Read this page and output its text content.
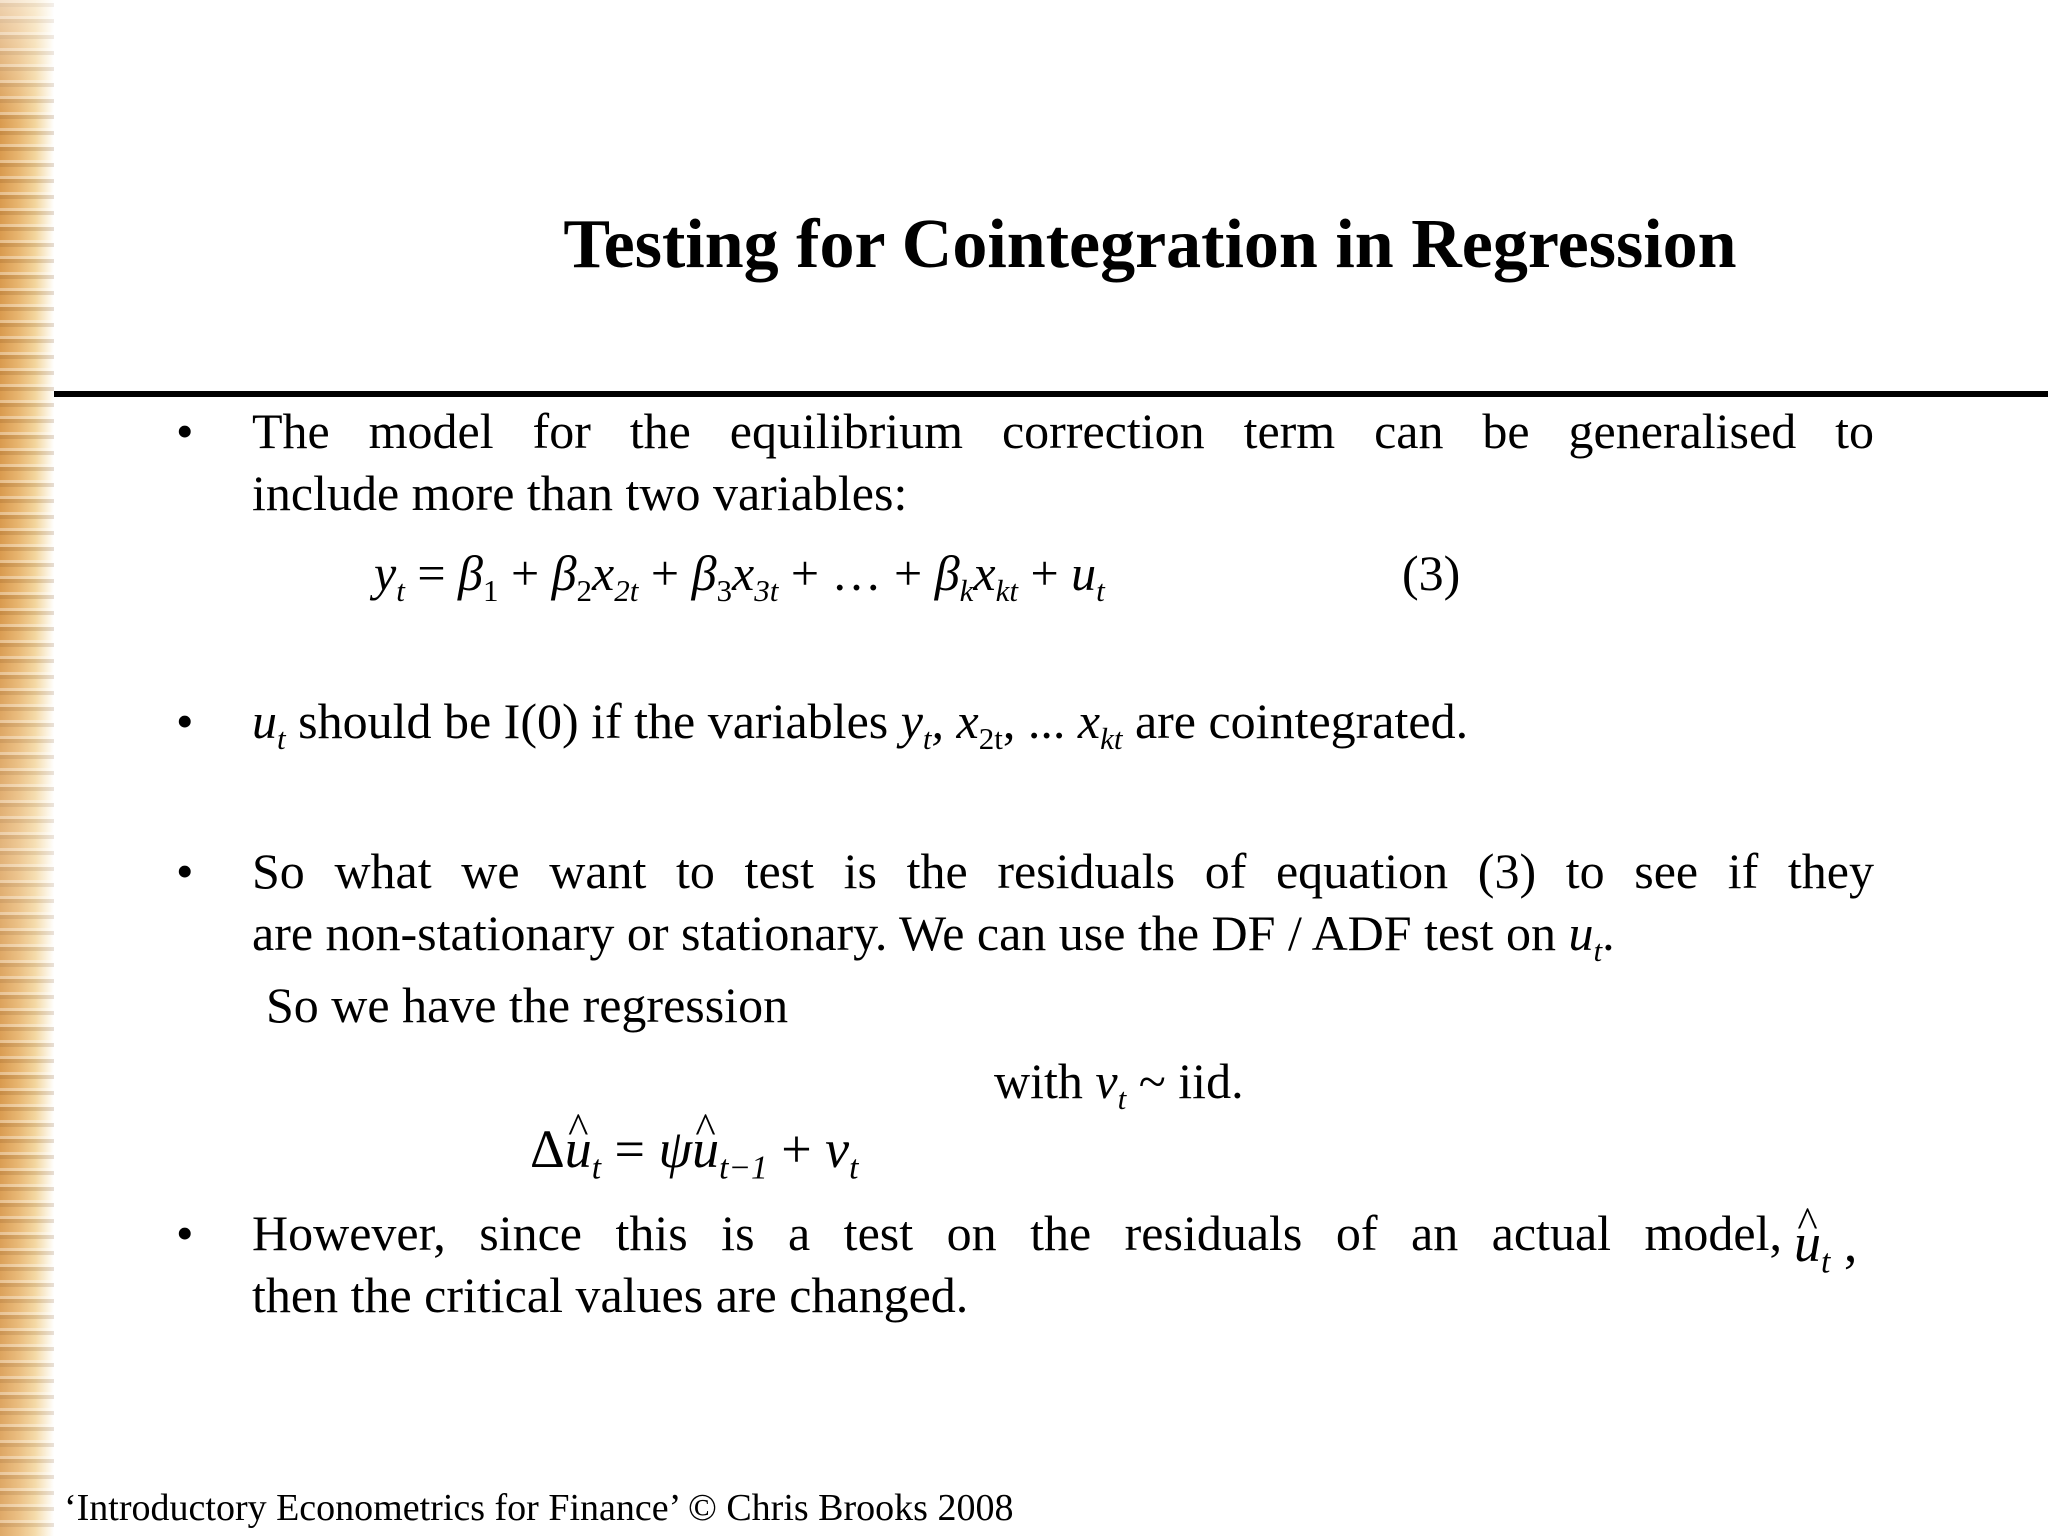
Testing for Cointegration in Regression
• The model for the equilibrium correction term can be generalised to
include more than two variables:
$y_t = \beta_1 + \beta_2x_{2t} + \beta_3x_{3t}$ + … + $\beta_kx_{kt} + u_t$	(3)
• $u_t$ should be I(0) if the variables $y_t$, $x_{2t}$, ... $x_{kt}$ are cointegrated.
• So what we want to test is the residuals of equation (3) to see if they
are non-stationary or stationary. We can use the DF / ADF test on $u_t$.
So we have the regression
with $v_t$ ~ iid.
Δ^ $u_t$ = ψ^ $u_{t-1} + v_t$
• However, since this is a test on the residuals of an actual model,
then the critical values are changed.
^ $u_t$ ,
‘Introductory Econometrics for Finance’ © Chris Brooks 2008
